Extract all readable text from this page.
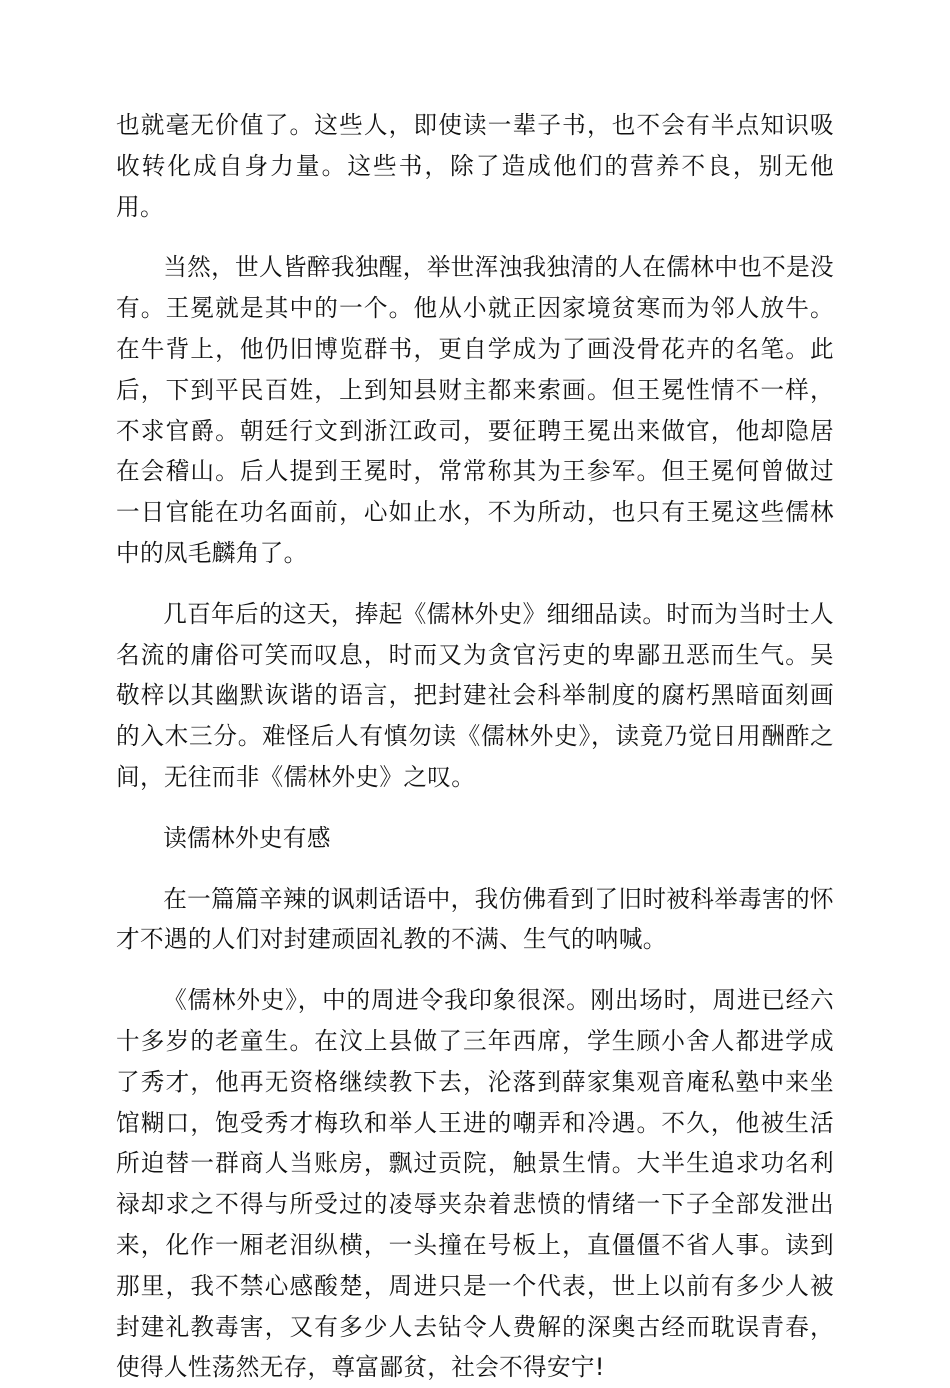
也就毫无价值了。这些人，即使读一辈子书，也不会有半点知识吸收转化成自身力量。这些书，除了造成他们的营养不良，别无他用。

当然，世人皆醉我独醒，举世浑浊我独清的人在儒林中也不是没有。王冕就是其中的一个。他从小就正因家境贫寒而为邻人放牛。在牛背上，他仍旧博览群书，更自学成为了画没骨花卉的名笔。此后，下到平民百姓，上到知县财主都来索画。但王冕性情不一样，不求官爵。朝廷行文到浙江政司，要征聘王冕出来做官，他却隐居在会稽山。后人提到王冕时，常常称其为王参军。但王冕何曾做过一日官能在功名面前，心如止水，不为所动，也只有王冕这些儒林中的凤毛麟角了。

几百年后的这天，捧起《儒林外史》细细品读。时而为当时士人名流的庸俗可笑而叹息，时而又为贪官污吏的卑鄙丑恶而生气。吴敬梓以其幽默诙谐的语言，把封建社会科举制度的腐朽黑暗面刻画的入木三分。难怪后人有慎勿读《儒林外史》，读竟乃觉日用酬酢之间，无往而非《儒林外史》之叹。

读儒林外史有感

在一篇篇辛辣的讽刺话语中，我仿佛看到了旧时被科举毒害的怀才不遇的人们对封建顽固礼教的不满、生气的呐喊。

《儒林外史》，中的周进令我印象很深。刚出场时，周进已经六十多岁的老童生。在汶上县做了三年西席，学生顾小舍人都进学成了秀才，他再无资格继续教下去，沦落到薛家集观音庵私塾中来坐馆糊口，饱受秀才梅玖和举人王进的嘲弄和冷遇。不久，他被生活所迫替一群商人当账房，飘过贡院，触景生情。大半生追求功名利禄却求之不得与所受过的凌辱夹杂着悲愤的情绪一下子全部发泄出来，化作一厢老泪纵横，一头撞在号板上，直僵僵不省人事。读到那里，我不禁心感酸楚，周进只是一个代表，世上以前有多少人被封建礼教毒害，又有多少人去钻令人费解的深奥古经而耽误青春，使得人性荡然无存，尊富鄙贫，社会不得安宁!
